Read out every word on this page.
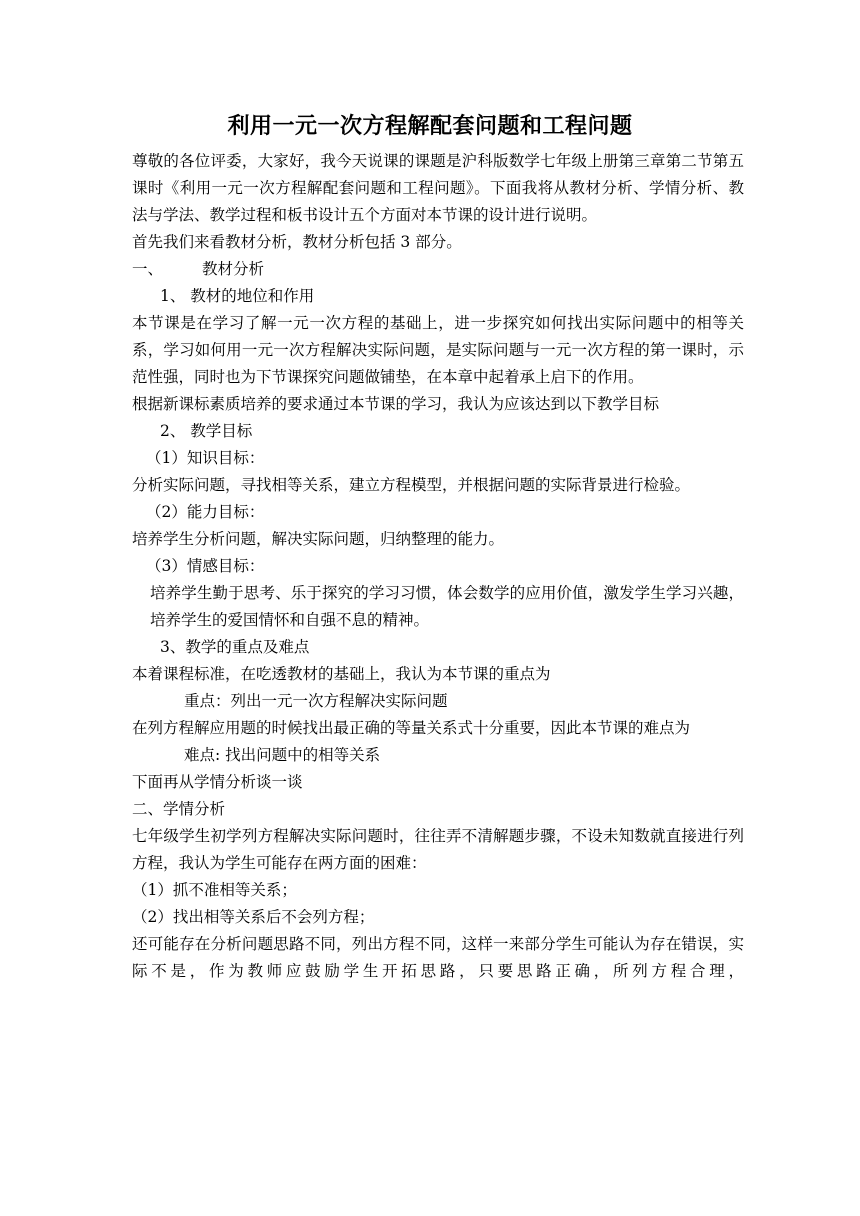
利用一元一次方程解配套问题和工程问题

尊敬的各位评委，大家好，我今天说课的课题是沪科版数学七年级上册第三章第二节第五课时《利用一元一次方程解配套问题和工程问题》。下面我将从教材分析、学情分析、教法与学法、教学过程和板书设计五个方面对本节课的设计进行说明。

首先我们来看教材分析，教材分析包括 3 部分。

一、	教材分析

1、 教材的地位和作用

本节课是在学习了解一元一次方程的基础上，进一步探究如何找出实际问题中的相等关系，学习如何用一元一次方程解决实际问题，是实际问题与一元一次方程的第一课时，示范性强，同时也为下节课探究问题做铺垫，在本章中起着承上启下的作用。

根据新课标素质培养的要求通过本节课的学习，我认为应该达到以下教学目标

2、 教学目标

（1）知识目标：

分析实际问题，寻找相等关系，建立方程模型，并根据问题的实际背景进行检验。

（2）能力目标：

培养学生分析问题，解决实际问题，归纳整理的能力。

（3）情感目标：

培养学生勤于思考、乐于探究的学习习惯，体会数学的应用价值，激发学生学习兴趣，培养学生的爱国情怀和自强不息的精神。

3、教学的重点及难点

本着课程标准，在吃透教材的基础上，我认为本节课的重点为

重点：列出一元一次方程解决实际问题

在列方程解应用题的时候找出最正确的等量关系式十分重要，因此本节课的难点为

难点: 找出问题中的相等关系

下面再从学情分析谈一谈

二、学情分析

七年级学生初学列方程解决实际问题时，往往弄不清解题步骤，不设未知数就直接进行列方程，我认为学生可能存在两方面的困难：

（1）抓不准相等关系；

（2）找出相等关系后不会列方程；

还可能存在分析问题思路不同，列出方程不同，这样一来部分学生可能认为存在错误，实际不是，作为教师应鼓励学生开拓思路，只要思路正确，所列方程合理，
